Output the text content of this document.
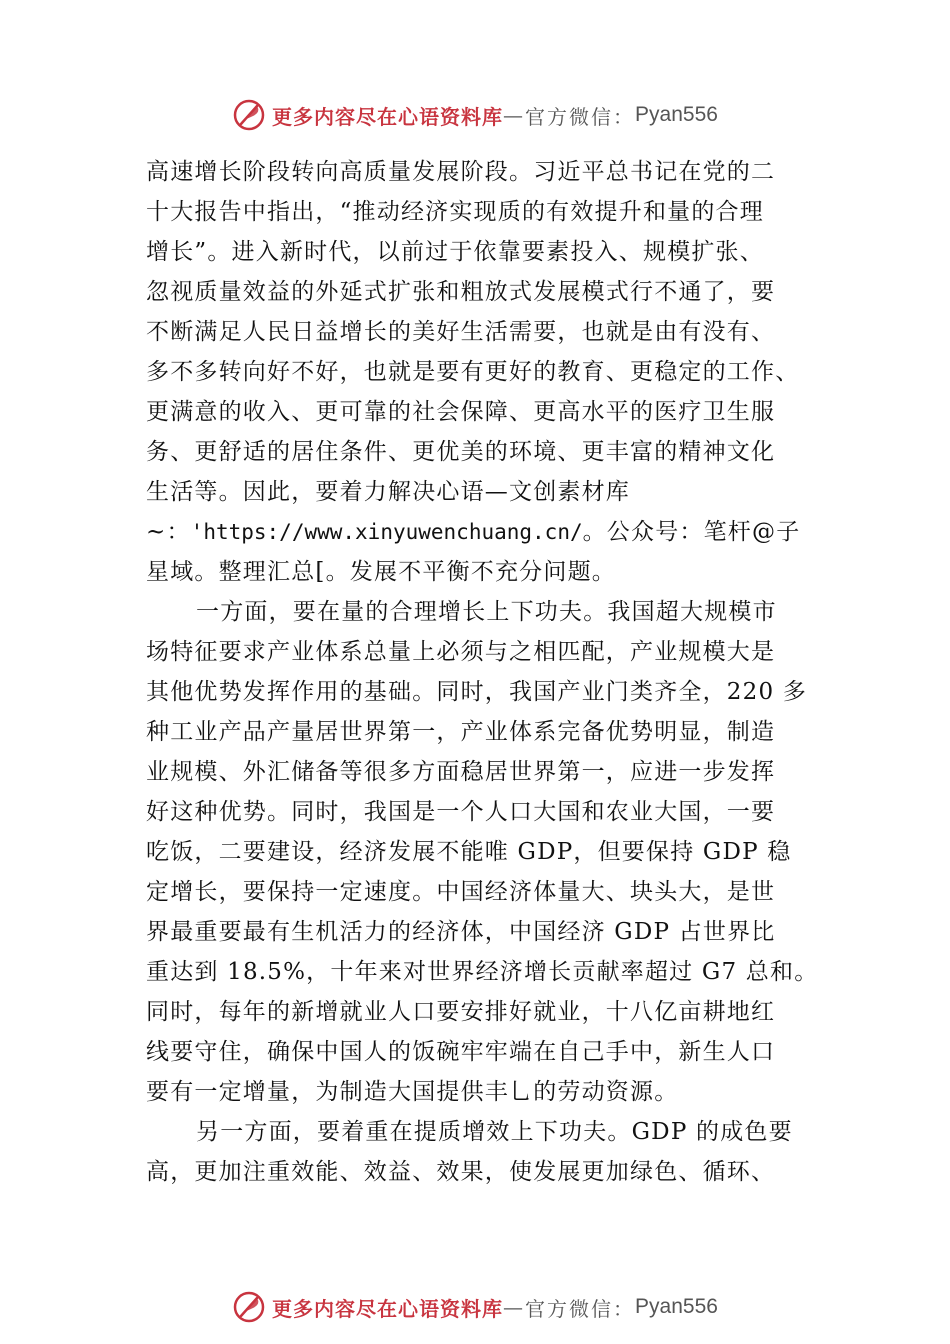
更多内容尽在心语资料库 — 官方微信： Pyan556
高速增长阶段转向高质量发展阶段。习近平总书记在党的二
十大报告中指出，“推动经济实现质的有效提升和量的合理
增长”。进入新时代，以前过于依靠要素投入、规模扩张、
忽视质量效益的外延式扩张和粗放式发展模式行不通了，要
不断满足人民日益增长的美好生活需要，也就是由有没有、
多不多转向好不好，也就是要有更好的教育、更稳定的工作、
更满意的收入、更可靠的社会保障、更高水平的医疗卫生服
务、更舒适的居住条件、更优美的环境、更丰富的精神文化
生活等。因此，要着力解决心语—文创素材库
~：'https://www.xinyuwenchuang.cn/。公众号：笔杆@子
星域。整理汇总[。发展不平衡不充分问题。
一方面，要在量的合理增长上下功夫。我国超大规模市
场特征要求产业体系总量上必须与之相匹配，产业规模大是
其他优势发挥作用的基础。同时，我国产业门类齐全，220 多
种工业产品产量居世界第一，产业体系完备优势明显，制造
业规模、外汇储备等很多方面稳居世界第一，应进一步发挥
好这种优势。同时，我国是一个人口大国和农业大国，一要
吃饭，二要建设，经济发展不能唯 GDP，但要保持 GDP 稳
定增长，要保持一定速度。中国经济体量大、块头大，是世
界最重要最有生机活力的经济体，中国经济 GDP 占世界比
重达到 18.5%，十年来对世界经济增长贡献率超过 G7 总和。
同时，每年的新增就业人口要安排好就业，十八亿亩耕地红
线要守住，确保中国人的饭碗牢牢端在自己手中，新生人口
要有一定增量，为制造大国提供丰乚的劳动资源。
另一方面，要着重在提质增效上下功夫。GDP 的成色要
高，更加注重效能、效益、效果，使发展更加绿色、循环、
更多内容尽在心语资料库 — 官方微信： Pyan556
